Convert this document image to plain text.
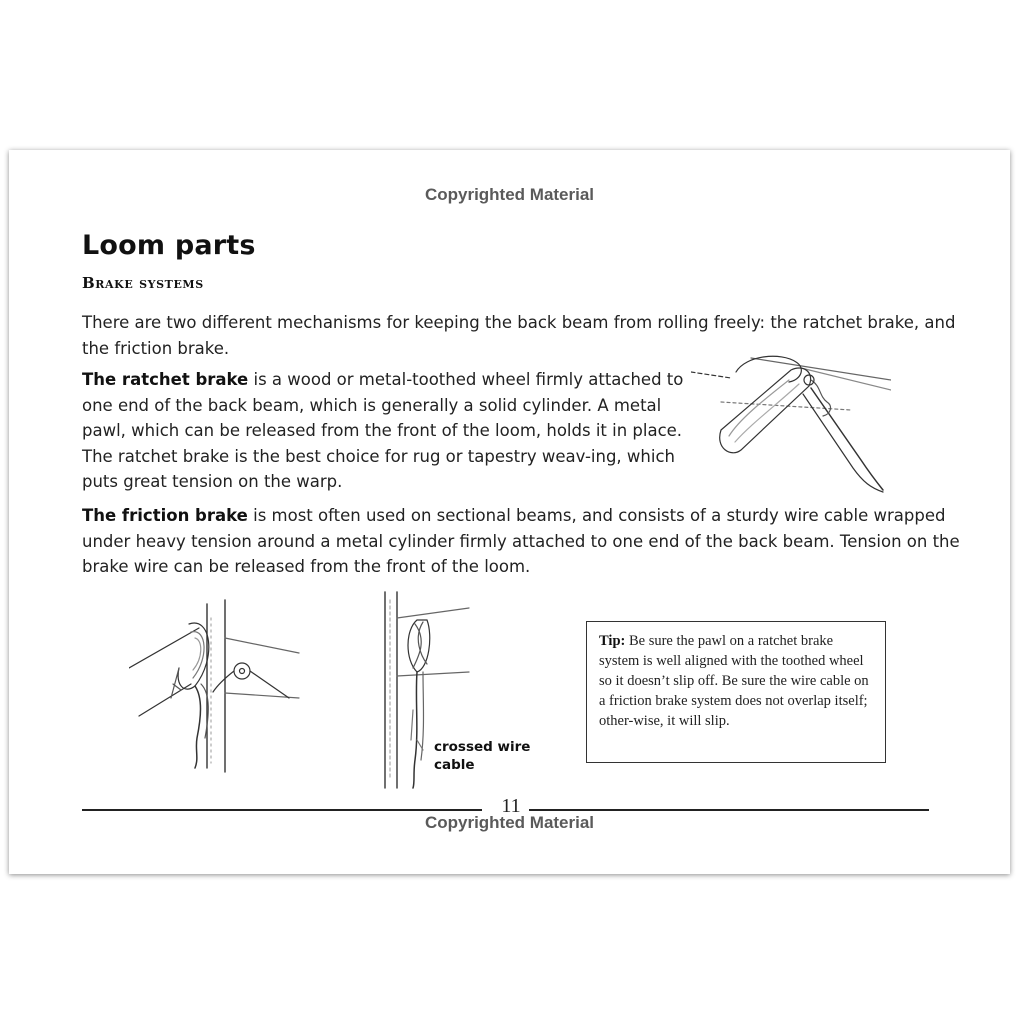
Copyrighted Material
Loom parts
Brake systems
There are two different mechanisms for keeping the back beam from rolling freely: the ratchet brake, and the friction brake.
The ratchet brake is a wood or metal-toothed wheel firmly attached to one end of the back beam, which is generally a solid cylinder. A metal pawl, which can be released from the front of the loom, holds it in place. The ratchet brake is the best choice for rug or tapestry weav-ing, which puts great tension on the warp.
The friction brake is most often used on sectional beams, and consists of a sturdy wire cable wrapped under heavy tension around a metal cylinder firmly attached to one end of the back beam. Tension on the brake wire can be released from the front of the loom.
crossed wire cable
Tip: Be sure the pawl on a ratchet brake system is well aligned with the toothed wheel so it doesn’t slip off. Be sure the wire cable on a friction brake system does not overlap itself; other-wise, it will slip.
11
Copyrighted Material
